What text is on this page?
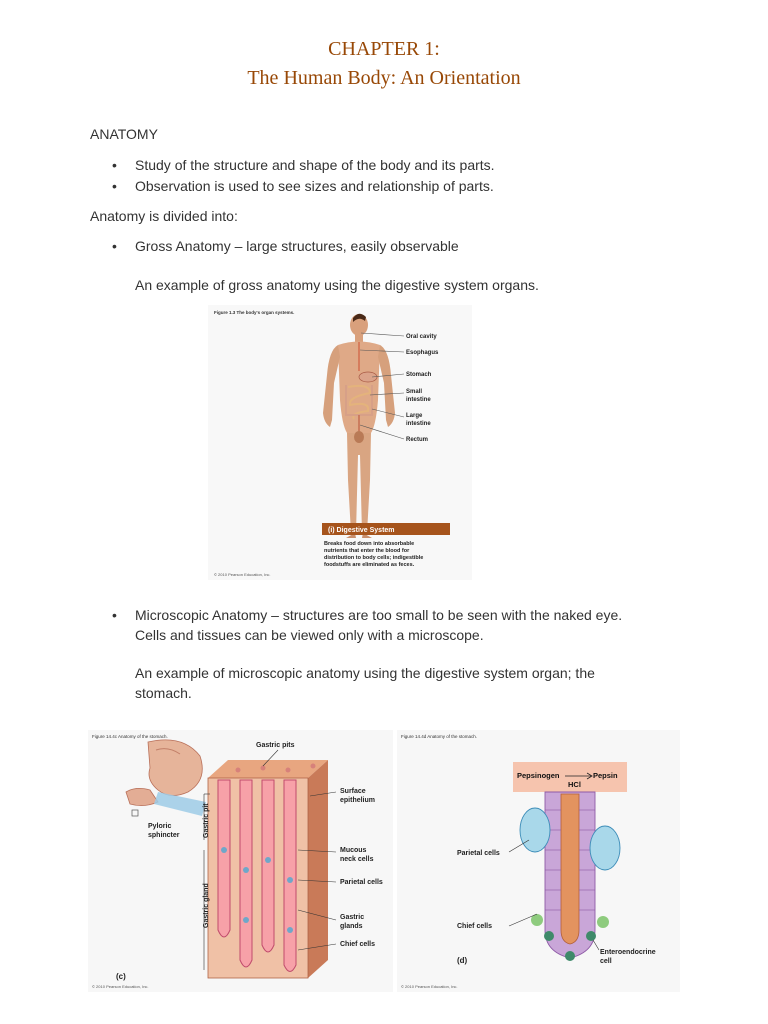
CHAPTER 1:
The Human Body: An Orientation

ANATOMY

• Study of the structure and shape of the body and its parts.
• Observation is used to see sizes and relationship of parts.

Anatomy is divided into:

• Gross Anatomy – large structures, easily observable

An example of gross anatomy using the digestive system organs.

Figure 1.3 The body's organ systems.
Oral cavity
Esophagus
Stomach
Small
intestine
Large
intestine
Rectum
(i) Digestive System
Breaks food down into absorbable
nutrients that enter the blood for
distribution to body cells; indigestible
foodstuffs are eliminated as feces.
© 2010 Pearson Education, Inc.
• Microscopic Anatomy – structures are too small to be seen with the naked eye.

Cells and tissues can be viewed only with a microscope.

An example of microscopic anatomy using the digestive system organ; the

stomach.

Figure 14.4c Anatomy of the stomach.
Pyloric
sphincter
Gastric pits
Surface
epithelium
Mucous
neck cells
Parietal cells
Gastric
glands
Chief cells
Gastric pit
Gastric gland
(c)
© 2010 Pearson Education, Inc.
Figure 14.4d Anatomy of the stomach.
Pepsinogen	Pepsin
HCl
Parietal cells
Chief cells
Enteroendocrine
cell
(d)
© 2010 Pearson Education, Inc.
